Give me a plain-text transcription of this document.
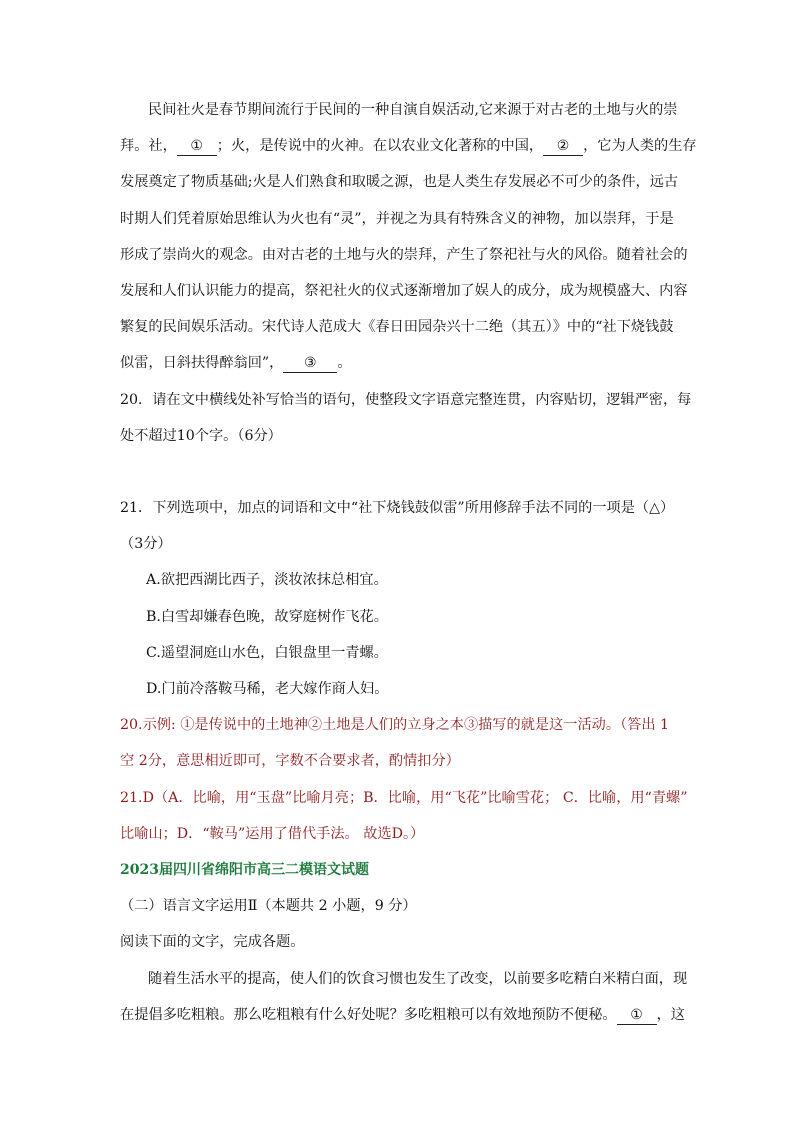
民间社火是春节期间流行于民间的一种自演自娱活动,它来源于对古老的土地与火的崇
拜。社， ① ；火，是传说中的火神。在以农业文化著称的中国， ② ，它为人类的生存
发展奠定了物质基础;火是人们熟食和取暖之源，也是人类生存发展必不可少的条件，远古
时期人们凭着原始思维认为火也有“灵”，并视之为具有特殊含义的神物，加以崇拜，于是
形成了崇尚火的观念。由对古老的土地与火的崇拜，产生了祭祀社与火的风俗。随着社会的
发展和人们认识能力的提高，祭祀社火的仪式逐渐增加了娱人的成分，成为规模盛大、内容
繁复的民间娱乐活动。宋代诗人范成大《春日田园杂兴十二绝（其五）》中的“社下烧钱鼓
似雷，日斜扶得醉翁回”， ③ 。
20．请在文中横线处补写恰当的语句，使整段文字语意完整连贯，内容贴切，逻辑严密，每
处不超过10个字。（6分）
21．下列选项中，加点的词语和文中“社下烧钱鼓似雷”所用修辞手法不同的一项是（△）
（3分）
A.欲把西湖比西子，淡妆浓抹总相宜。
B.白雪却嫌春色晚，故穿庭树作飞花。
C.遥望洞庭山水色，白银盘里一青螺。
D.门前冷落鞍马稀，老大嫁作商人妇。
20.示例: ①是传说中的土地神②土地是人们的立身之本③描写的就是这一活动。（答出 1
空 2分，意思相近即可，字数不合要求者，酌情扣分）
21.D（A．比喻，用“玉盘”比喻月亮；B．比喻，用“飞花”比喻雪花； C．比喻，用“青螺”
比喻山；D．“鞍马”运用了借代手法。 故选D。）
2023届四川省绵阳市高三二模语文试题
（二）语言文字运用Ⅱ（本题共 2 小题，9 分）
阅读下面的文字，完成各题。
随着生活水平的提高，使人们的饮食习惯也发生了改变，以前要多吃精白米精白面，现
在提倡多吃粗粮。那么吃粗粮有什么好处呢？多吃粗粮可以有效地预防不便秘。 ① ，这
